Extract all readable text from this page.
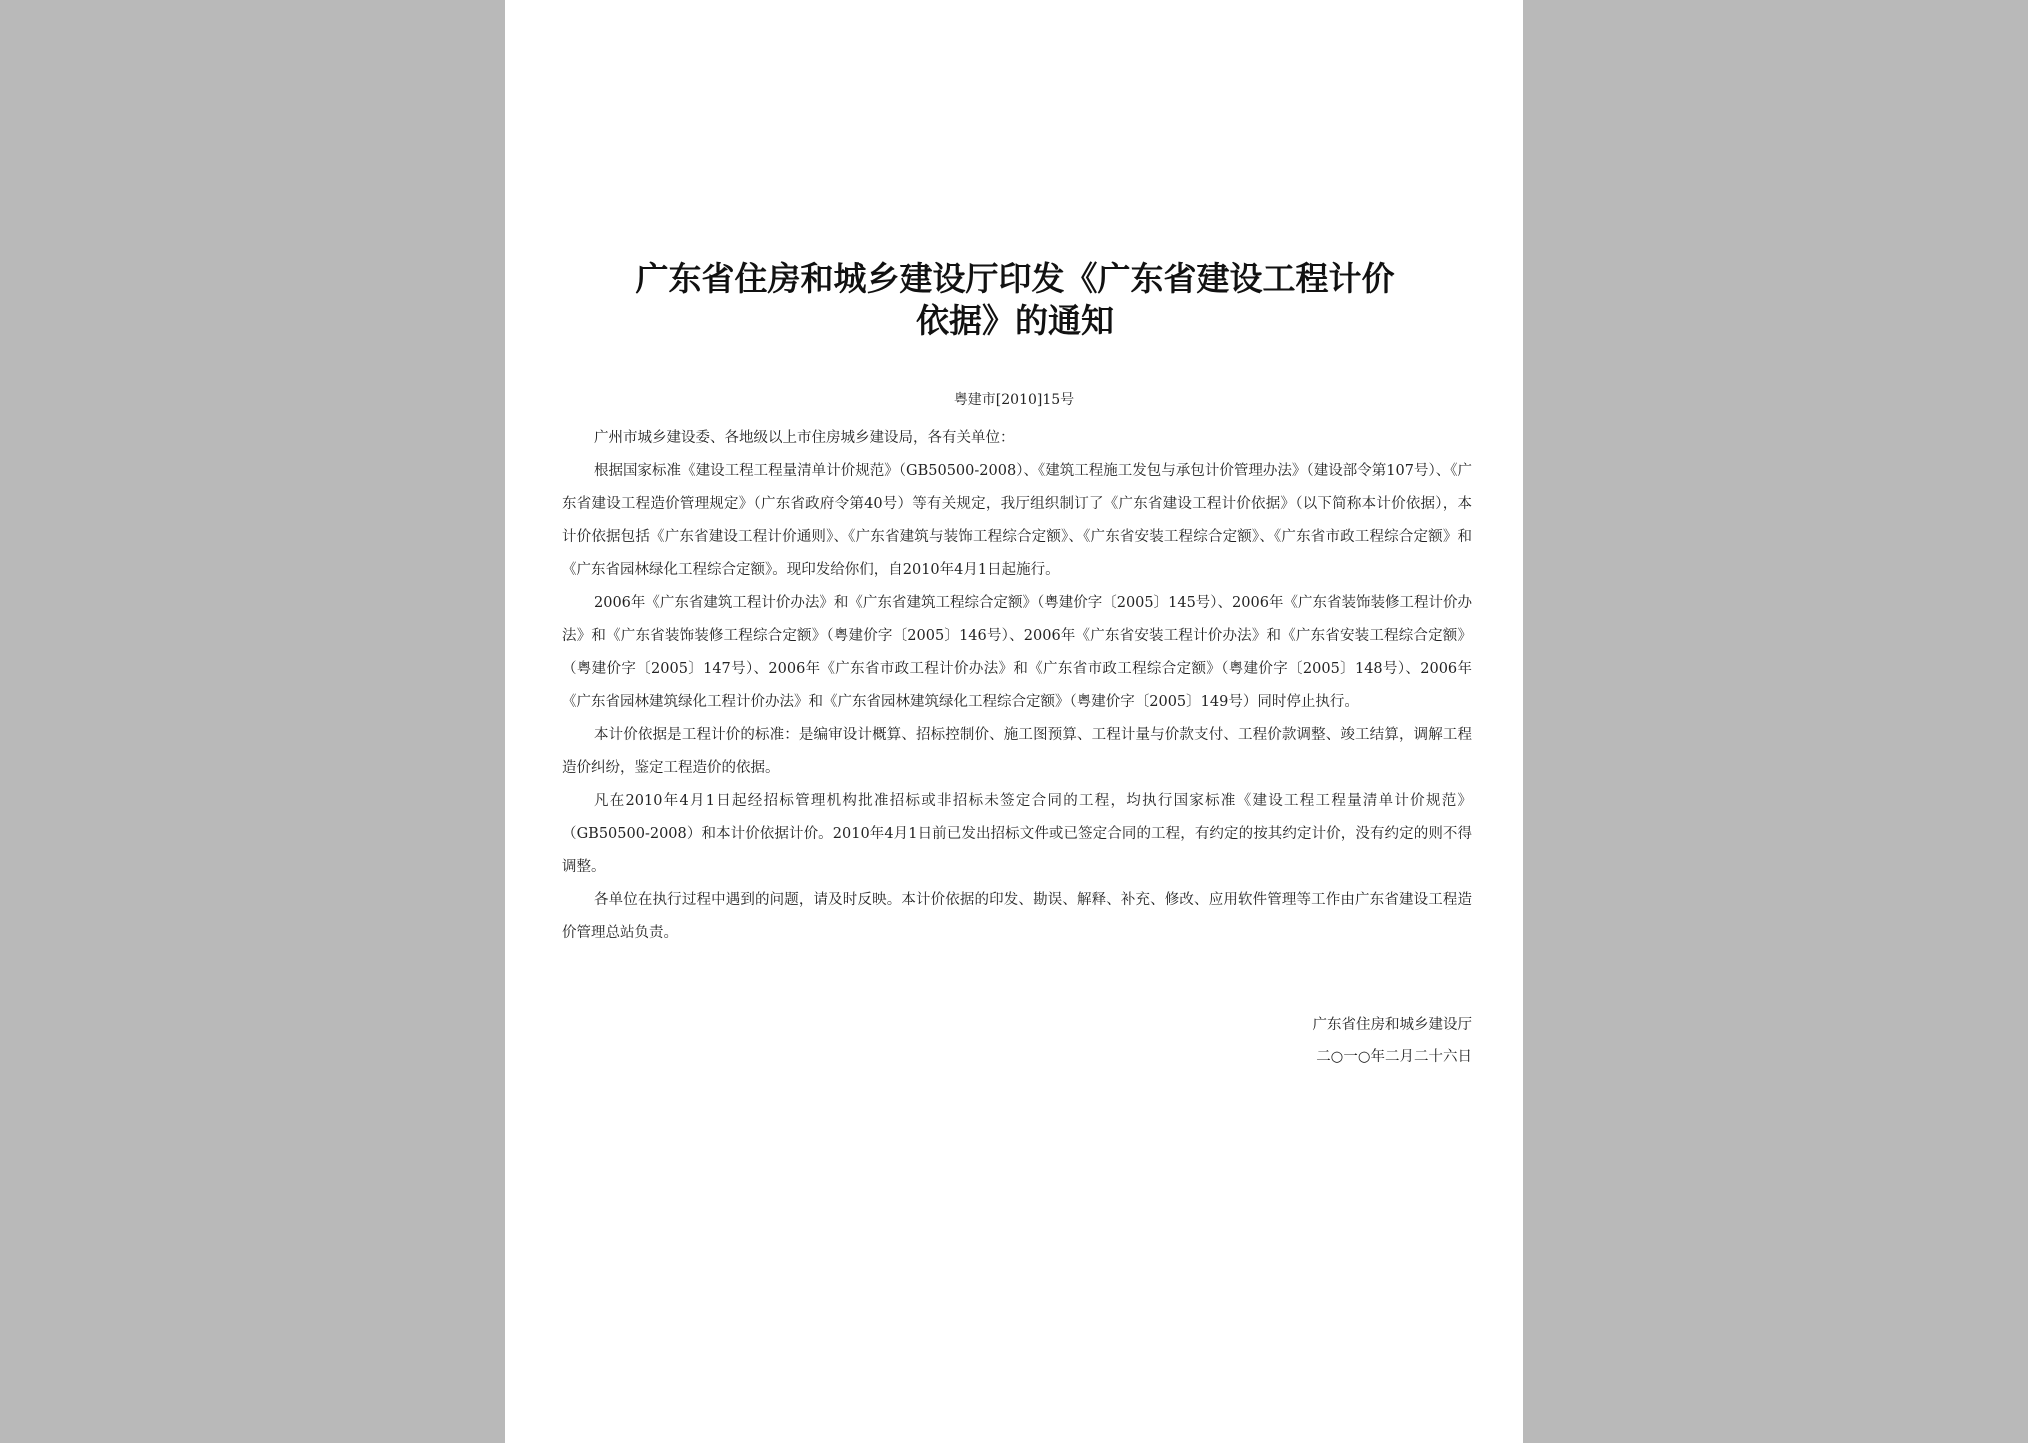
广东省住房和城乡建设厅印发《广东省建设工程计价
依据》的通知
粤建市[2010]15号

广州市城乡建设委、各地级以上市住房城乡建设局，各有关单位：

根据国家标准《建设工程工程量清单计价规范》（GB50500-2008）、《建筑工程施工发包与承包计价管理办法》（建设部令第107号）、《广东省建设工程造价管理规定》（广东省政府令第40号）等有关规定，我厅组织制订了《广东省建设工程计价依据》（以下简称本计价依据），本计价依据包括《广东省建设工程计价通则》、《广东省建筑与装饰工程综合定额》、《广东省安装工程综合定额》、《广东省市政工程综合定额》和《广东省园林绿化工程综合定额》。现印发给你们，自2010年4月1日起施行。

2006年《广东省建筑工程计价办法》和《广东省建筑工程综合定额》（粤建价字〔2005〕145号）、2006年《广东省装饰装修工程计价办法》和《广东省装饰装修工程综合定额》（粤建价字〔2005〕146号）、2006年《广东省安装工程计价办法》和《广东省安装工程综合定额》（粤建价字〔2005〕147号）、2006年《广东省市政工程计价办法》和《广东省市政工程综合定额》（粤建价字〔2005〕148号）、2006年《广东省园林建筑绿化工程计价办法》和《广东省园林建筑绿化工程综合定额》（粤建价字〔2005〕149号）同时停止执行。

本计价依据是工程计价的标准：是编审设计概算、招标控制价、施工图预算、工程计量与价款支付、工程价款调整、竣工结算，调解工程造价纠纷，鉴定工程造价的依据。

凡在2010年4月1日起经招标管理机构批准招标或非招标未签定合同的工程，均执行国家标准《建设工程工程量清单计价规范》（GB50500-2008）和本计价依据计价。2010年4月1日前已发出招标文件或已签定合同的工程，有约定的按其约定计价，没有约定的则不得调整。

各单位在执行过程中遇到的问题，请及时反映。本计价依据的印发、勘误、解释、补充、修改、应用软件管理等工作由广东省建设工程造价管理总站负责。

广东省住房和城乡建设厅
二○一○年二月二十六日
